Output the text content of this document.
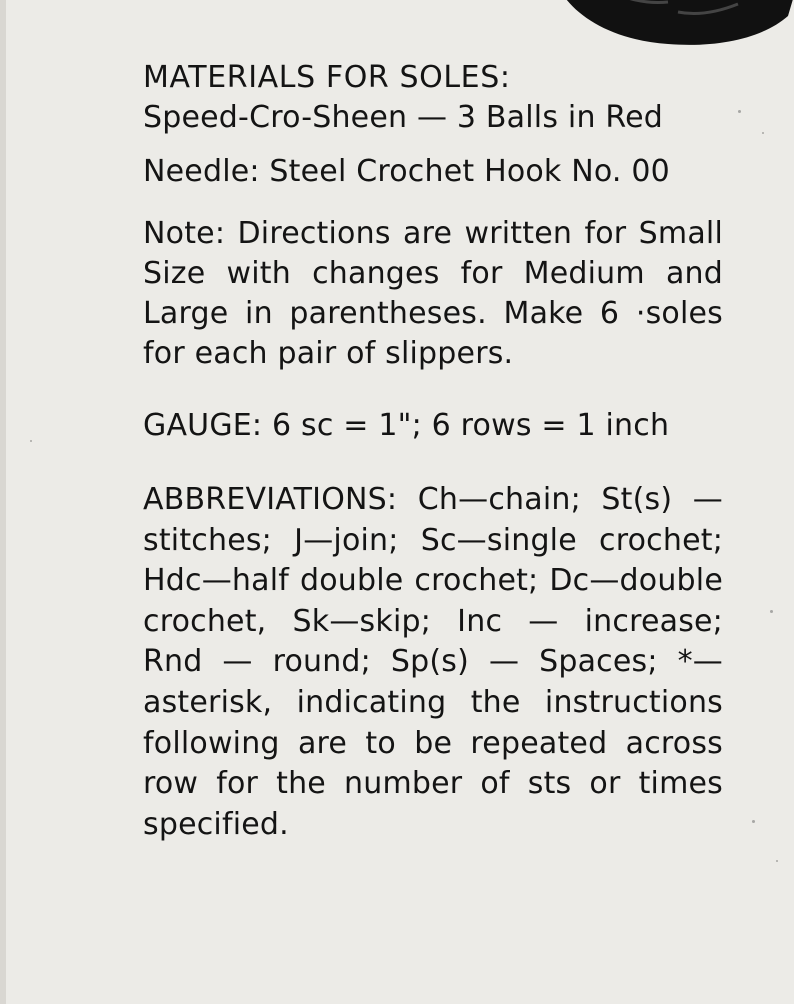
MATERIALS FOR SOLES:

Speed-Cro-Sheen — 3 Balls in Red

Needle: Steel Crochet Hook No. 00

Note: Directions are written for Small Size with changes for Medium and Large in parentheses. Make 6 ·soles for each pair of slippers.

GAUGE: 6 sc = 1"; 6 rows = 1 inch

ABBREVIATIONS: Ch—chain; St(s) —stitches; J—join; Sc—single crochet; Hdc—half double crochet; Dc—double crochet, Sk—skip; Inc — increase; Rnd — round; Sp(s) — Spaces; *—asterisk, indicating the instructions following are to be repeated across row for the number of sts or times specified.
